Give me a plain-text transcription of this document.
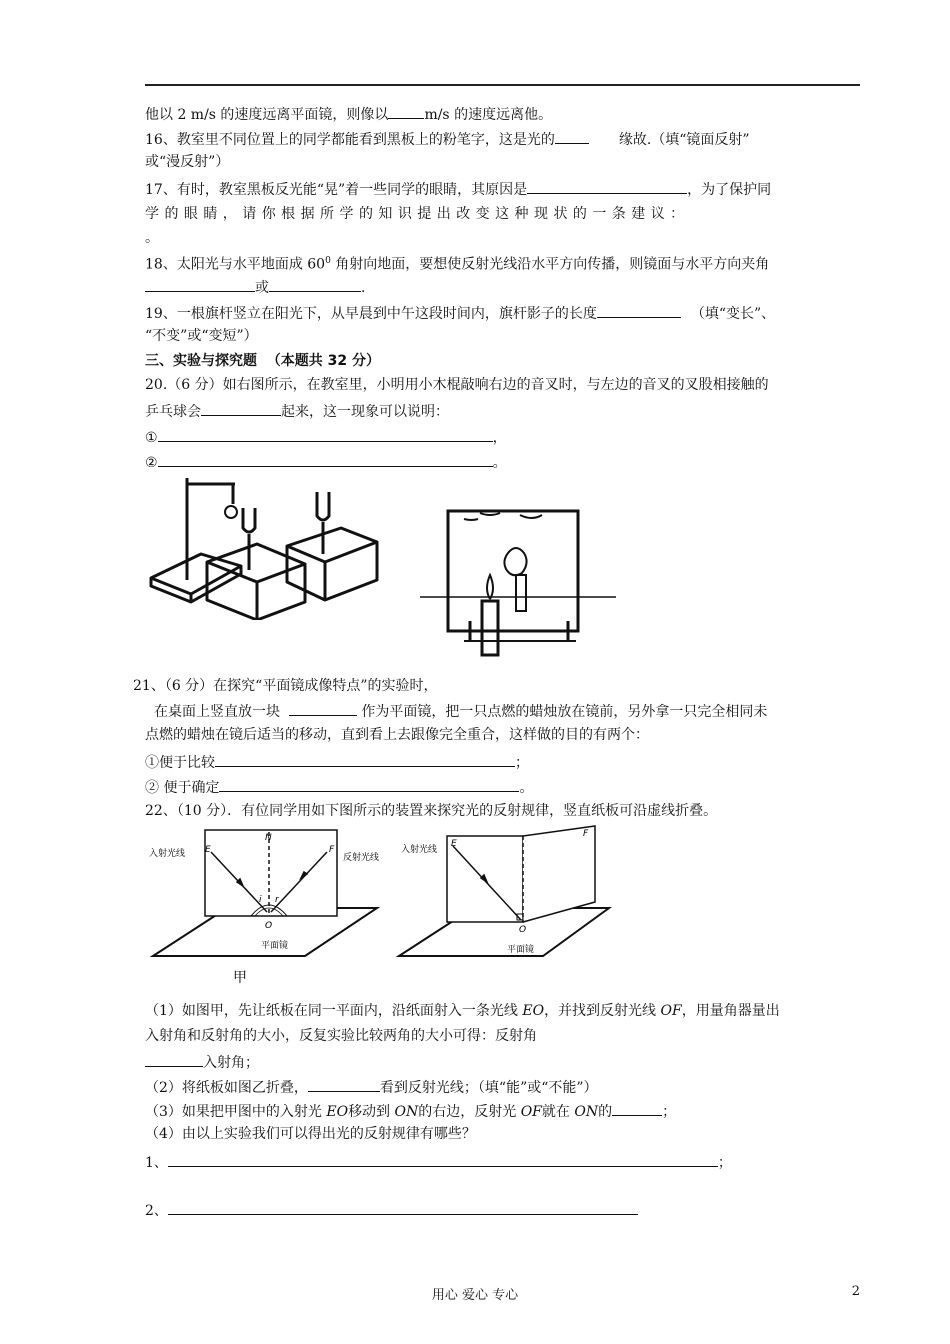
他以 2 m/s 的速度远离平面镜，则像以	m/s 的速度远离他。
16、教室里不同位置上的同学都能看到黑板上的粉笔字，这是光的	缘故.（填“镜面反射”
或“漫反射”）
17、有时，教室黑板反光能“晃”着一些同学的眼睛，其原因是	，为了保护同
学 的 眼 睛 ， 请 你 根 据 所 学 的 知 识 提 出 改 变 这 种 现 状 的 一 条 建 议 ：
。
18、太阳光与水平地面成 $60^0$ 角射向地面，要想使反射光线沿水平方向传播，则镜面与水平方向夹角
或	.
19、一根旗杆竖立在阳光下，从早晨到中午这段时间内，旗杆影子的长度	（填“变长”、
“不变”或“变短”）
三、实验与探究题 （本题共 32 分）
20.（6 分）如右图所示，在教室里，小明用小木棍敲响右边的音叉时，与左边的音叉的叉股相接触的
乒乓球会	起来，这一现象可以说明：
①	，
②	。
21、（6 分）在探究“平面镜成像特点”的实验时，
在桌面上竖直放一块	作为平面镜，把一只点燃的蜡烛放在镜前，另外拿一只完全相同未
点燃的蜡烛在镜后适当的移动，直到看上去跟像完全重合，这样做的目的有两个：
①便于比较	；
② 便于确定	。
22、（10 分）．有位同学用如下图所示的装置来探究光的反射规律，竖直纸板可沿虚线折叠。
入射光线	反射光线
E
N
F
O
i r
平面镜
甲
入射光线
E
F
O
平面镜
（1）如图甲，先让纸板在同一平面内，沿纸面射入一条光线 EO，并找到反射光线 OF，用量角器量出
入射角和反射角的大小，反复实验比较两角的大小可得：反射角
入射角；
（2）将纸板如图乙折叠，	看到反射光线；（填“能”或“不能”）
（3）如果把甲图中的入射光 EO移动到 ON的右边，反射光 OF就在 ON的	；
（4）由以上实验我们可以得出光的反射规律有哪些？
1、	；
2、
用心 爱心 专心	2
